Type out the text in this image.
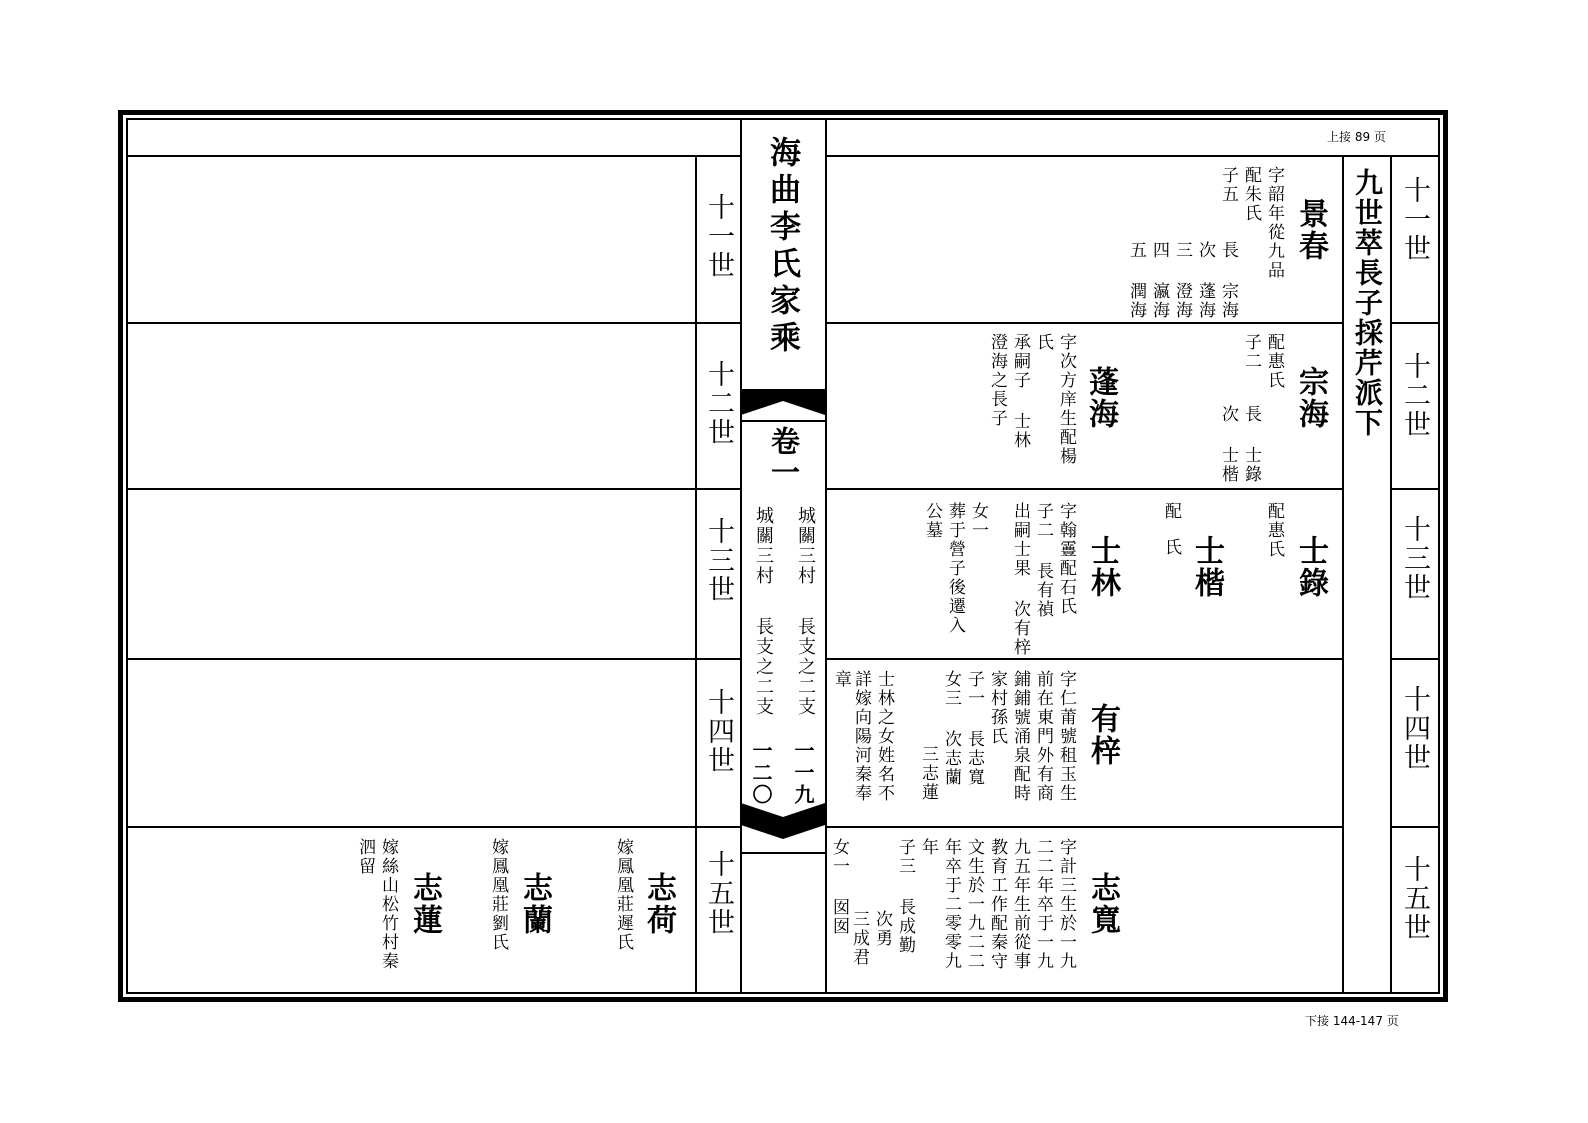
上接 89 页
下接 144-147 页
海曲李氏家乘
卷一
城關三村
長支之二支
一一九
城關三村
長支之二支
一二〇
九世萃長子採芹派下 十一世
十二世
十三世
十四世
十五世
十一世
十二世
十三世
十四世
十五世
景春
字韶年從九品
配朱氏
子五
長 宗海
次 蓬海
三 澄海
四 瀛海
五 潤海
宗海
配惠氏
子二
長 士錄
次 士楷
蓬海
字次方庠生配楊
氏
承嗣子 士林
澄海之長子
士錄
配惠氏
士楷
配
氏
士林
字翰霻配石氏
子二 長有禎
出嗣士果 次有梓
女一
葬于營子後遷入
公墓
有梓
字仁莆號租玉生
前在東門外有商
鋪鋪號涌泉配時
家村孫氏
子一 長志寬
女三 次志蘭
三志蓮
士林之女姓名不
詳嫁向陽河秦奉
章
志寬
字計三生於一九
二二年卒于一九
九五年生前從事
教育工作配秦守
文生於一九二二
年卒于二零零九
年
子三 長成勤
次勇
三成君
女一 囡囡
志荷
嫁鳳凰莊遲氏
志蘭
嫁鳳凰莊劉氏
志蓮
嫁絲山松竹村秦
泗留
